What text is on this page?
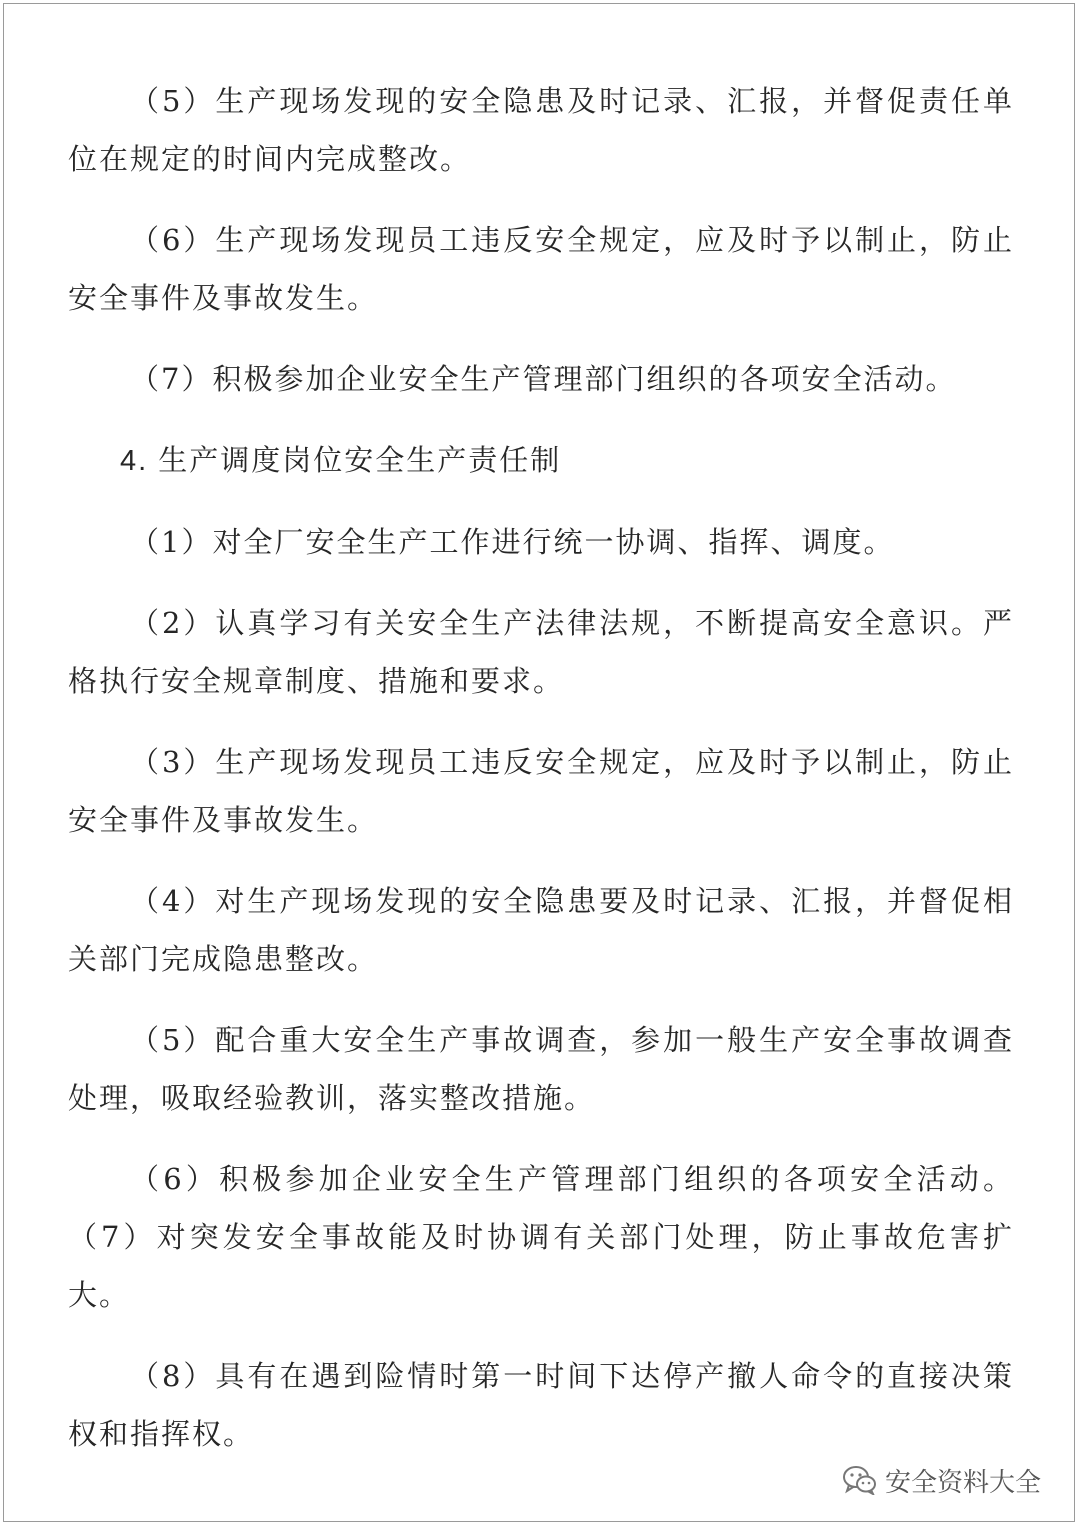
（5）生产现场发现的安全隐患及时记录、汇报，并督促责任单位在规定的时间内完成整改。

（6）生产现场发现员工违反安全规定，应及时予以制止，防止安全事件及事故发生。

（7）积极参加企业安全生产管理部门组织的各项安全活动。

4. 生产调度岗位安全生产责任制

（1）对全厂安全生产工作进行统一协调、指挥、调度。

（2）认真学习有关安全生产法律法规，不断提高安全意识。严格执行安全规章制度、措施和要求。

（3）生产现场发现员工违反安全规定，应及时予以制止，防止安全事件及事故发生。

（4）对生产现场发现的安全隐患要及时记录、汇报，并督促相关部门完成隐患整改。

（5）配合重大安全生产事故调查，参加一般生产安全事故调查处理，吸取经验教训，落实整改措施。

（6）积极参加企业安全生产管理部门组织的各项安全活动。 （7）对突发安全事故能及时协调有关部门处理，防止事故危害扩大。

（8）具有在遇到险情时第一时间下达停产撤人命令的直接决策权和指挥权。

安全资料大全
